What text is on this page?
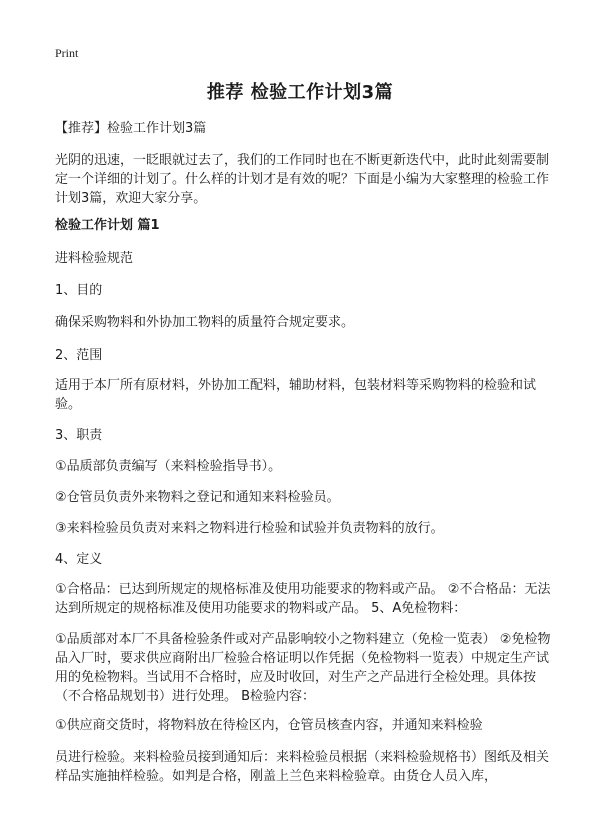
Print
推荐 检验工作计划3篇

【推荐】检验工作计划3篇

光阴的迅速，一眨眼就过去了，我们的工作同时也在不断更新迭代中，此时此刻需要制定一个详细的计划了。什么样的计划才是有效的呢？下面是小编为大家整理的检验工作计划3篇，欢迎大家分享。

检验工作计划 篇1

进料检验规范

1、目的

确保采购物料和外协加工物料的质量符合规定要求。

2、范围

适用于本厂所有原材料，外协加工配料，辅助材料，包装材料等采购物料的检验和试验。

3、职责

①品质部负责编写（来料检验指导书）。

②仓管员负责外来物料之登记和通知来料检验员。

③来料检验员负责对来料之物料进行检验和试验并负责物料的放行。

4、定义

①合格品：已达到所规定的规格标准及使用功能要求的物料或产品。 ②不合格品：无法达到所规定的规格标准及使用功能要求的物料或产品。 5、A免检物料：

①品质部对本厂不具备检验条件或对产品影响较小之物料建立（免检一览表） ②免检物品入厂时，要求供应商附出厂检验合格证明以作凭据（免检物料一览表）中规定生产试用的免检物料。当试用不合格时，应及时收回，对生产之产品进行全检处理。具体按（不合格品规划书）进行处理。 B检验内容：

①供应商交货时，将物料放在待检区内，仓管员核查内容，并通知来料检验

员进行检验。来料检验员接到通知后：来料检验员根据（来料检验规格书）图纸及相关样品实施抽样检验。如判是合格，刚盖上兰色来料检验章。由货仓人员入库，
